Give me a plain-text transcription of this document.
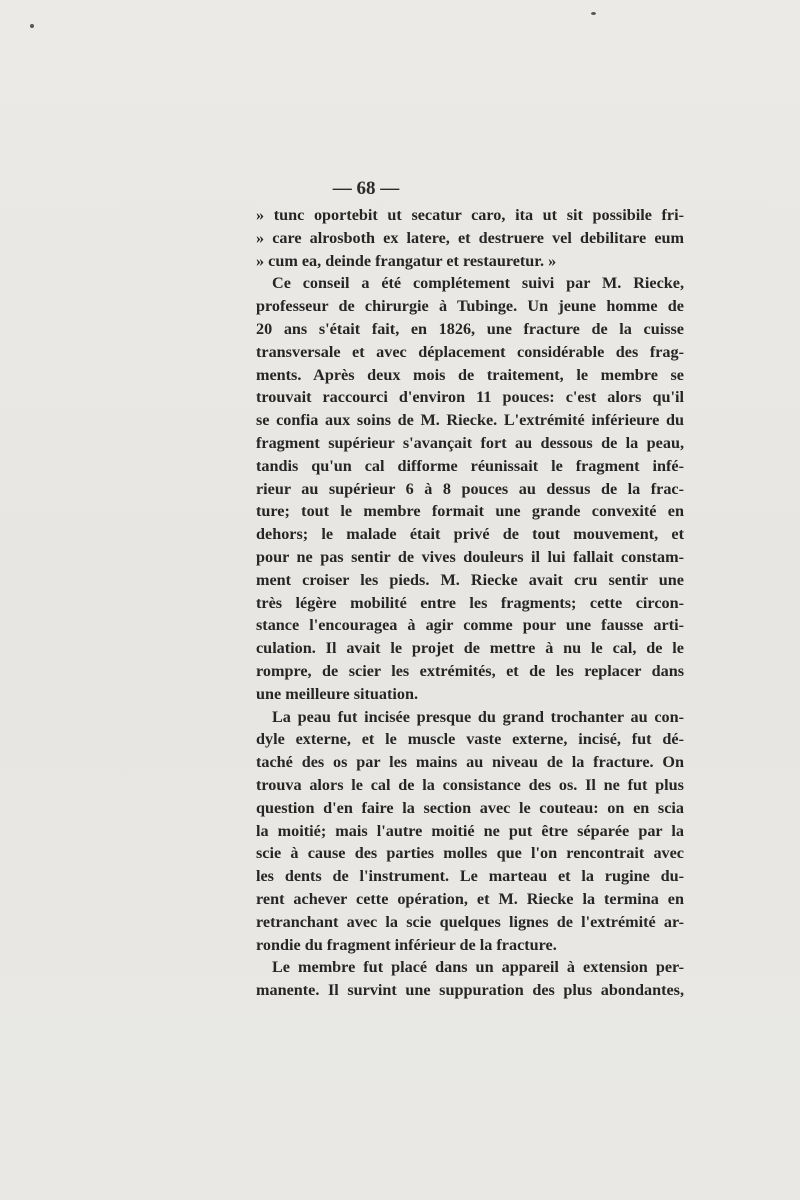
— 68 —
» tunc oportebit ut secatur caro, ita ut sit possibile fri-
» care alrosboth ex latere, et destruere vel debilitare eum
» cum ea, deinde frangatur et restauretur. »
Ce conseil a été complétement suivi par M. Riecke,
professeur de chirurgie à Tubinge. Un jeune homme de
20 ans s'était fait, en 1826, une fracture de la cuisse
transversale et avec déplacement considérable des frag-
ments. Après deux mois de traitement, le membre se
trouvait raccourci d'environ 11 pouces: c'est alors qu'il
se confia aux soins de M. Riecke. L'extrémité inférieure du
fragment supérieur s'avançait fort au dessous de la peau,
tandis qu'un cal difforme réunissait le fragment infé-
rieur au supérieur 6 à 8 pouces au dessus de la frac-
ture; tout le membre formait une grande convexité en
dehors; le malade était privé de tout mouvement, et
pour ne pas sentir de vives douleurs il lui fallait constam-
ment croiser les pieds. M. Riecke avait cru sentir une
très légère mobilité entre les fragments; cette circon-
stance l'encouragea à agir comme pour une fausse arti-
culation. Il avait le projet de mettre à nu le cal, de le
rompre, de scier les extrémités, et de les replacer dans
une meilleure situation.
La peau fut incisée presque du grand trochanter au con-
dyle externe, et le muscle vaste externe, incisé, fut dé-
taché des os par les mains au niveau de la fracture. On
trouva alors le cal de la consistance des os. Il ne fut plus
question d'en faire la section avec le couteau: on en scia
la moitié; mais l'autre moitié ne put être séparée par la
scie à cause des parties molles que l'on rencontrait avec
les dents de l'instrument. Le marteau et la rugine du-
rent achever cette opération, et M. Riecke la termina en
retranchant avec la scie quelques lignes de l'extrémité ar-
rondie du fragment inférieur de la fracture.
Le membre fut placé dans un appareil à extension per-
manente. Il survint une suppuration des plus abondantes,
